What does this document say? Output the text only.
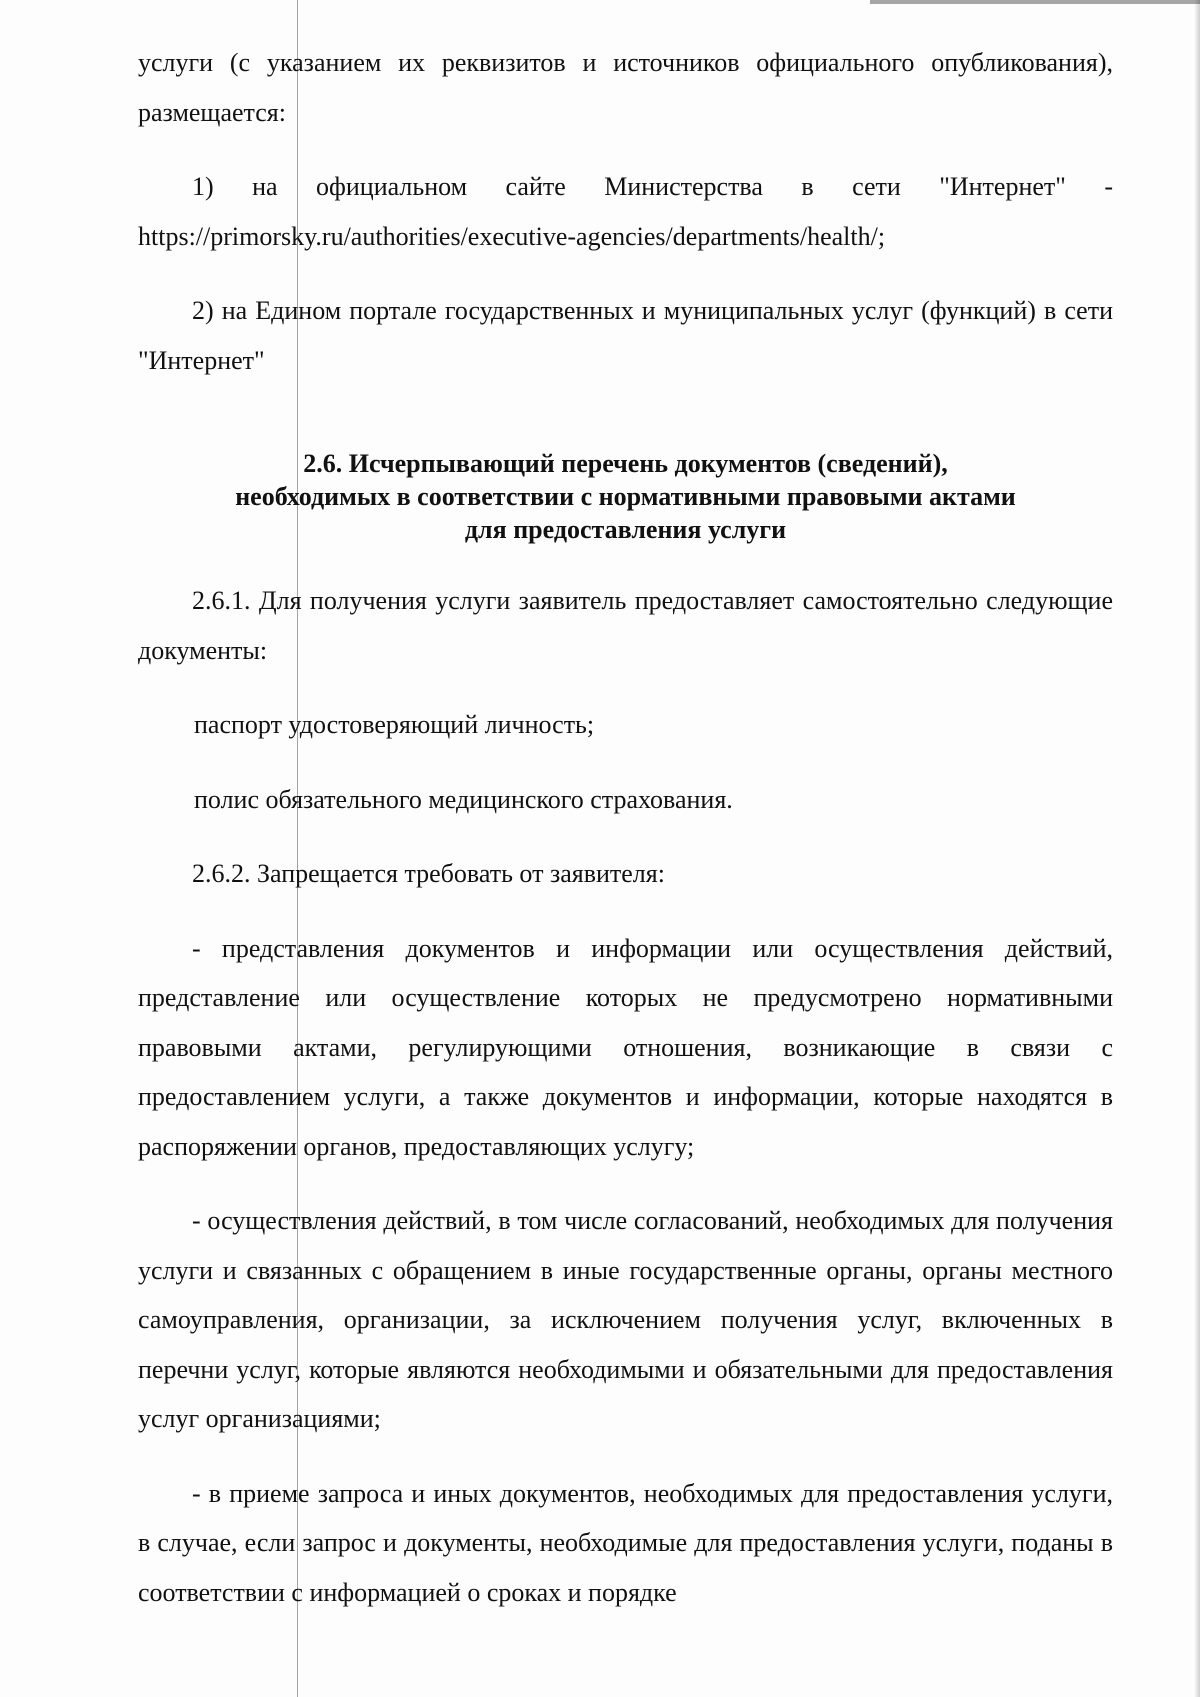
услуги (с указанием их реквизитов и источников официального опубликования), размещается:

1) на официальном сайте Министерства в сети "Интернет" - https://primorsky.ru/authorities/executive-agencies/departments/health/;

2) на Едином портале государственных и муниципальных услуг (функций) в сети "Интернет"

2.6. Исчерпывающий перечень документов (сведений),
необходимых в соответствии с нормативными правовыми актами
для предоставления услуги

2.6.1. Для получения услуги заявитель предоставляет самостоятельно следующие документы:

паспорт удостоверяющий личность;

полис обязательного медицинского страхования.

2.6.2. Запрещается требовать от заявителя:

- представления документов и информации или осуществления действий, представление или осуществление которых не предусмотрено нормативными правовыми актами, регулирующими отношения, возникающие в связи с предоставлением услуги, а также документов и информации, которые находятся в распоряжении органов, предоставляющих услугу;

- осуществления действий, в том числе согласований, необходимых для получения услуги и связанных с обращением в иные государственные органы, органы местного самоуправления, организации, за исключением получения услуг, включенных в перечни услуг, которые являются необходимыми и обязательными для предоставления услуг организациями;

- в приеме запроса и иных документов, необходимых для предоставления услуги, в случае, если запрос и документы, необходимые для предоставления услуги, поданы в соответствии с информацией о сроках и порядке
